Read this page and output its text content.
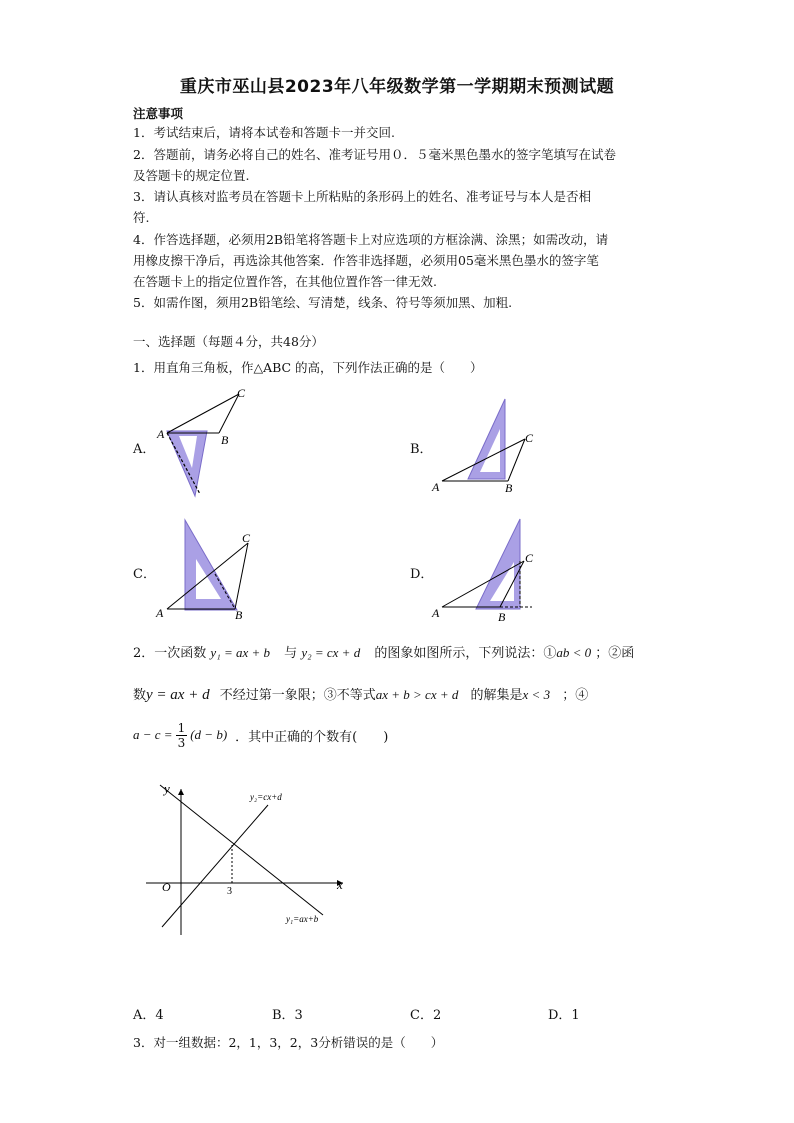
重庆市巫山县2023年八年级数学第一学期期末预测试题
注意事项
1．考试结束后，请将本试卷和答题卡一并交回.
2．答题前，请务必将自己的姓名、准考证号用０．５毫米黑色墨水的签字笔填写在试卷
及答题卡的规定位置.
3．请认真核对监考员在答题卡上所粘贴的条形码上的姓名、准考证号与本人是否相
符.
4．作答选择题，必须用2B铅笔将答题卡上对应选项的方框涂满、涂黑；如需改动，请
用橡皮擦干净后，再选涂其他答案．作答非选择题，必须用05毫米黑色墨水的签字笔
在答题卡上的指定位置作答，在其他位置作答一律无效.
5．如需作图，须用2B铅笔绘、写清楚，线条、符号等须加黑、加粗.
一、选择题（每题４分，共48分）
1．用直角三角板，作△ABC 的高，下列作法正确的是（　　）
A．
A	B
C
B．
A	B
C
C．
A	B
C
D．
A	B
C
2．一次函数 y₁ = ax + b 与 y₂ = cx + d 的图象如图所示，下列说法：①ab < 0 ；②函
数y = ax + d 不经过第一象限；③不等式ax + b > cx + d 的解集是x < 3 ；④
$a - c = \frac{1}{3} (d - b)$ ．其中正确的个数有(　　)
O	3	x
y
y₂=cx+d
y₁=ax+b
A．4	B．3	C．2	D．1
3．对一组数据：2，1，3，2，3分析错误的是（　　）
